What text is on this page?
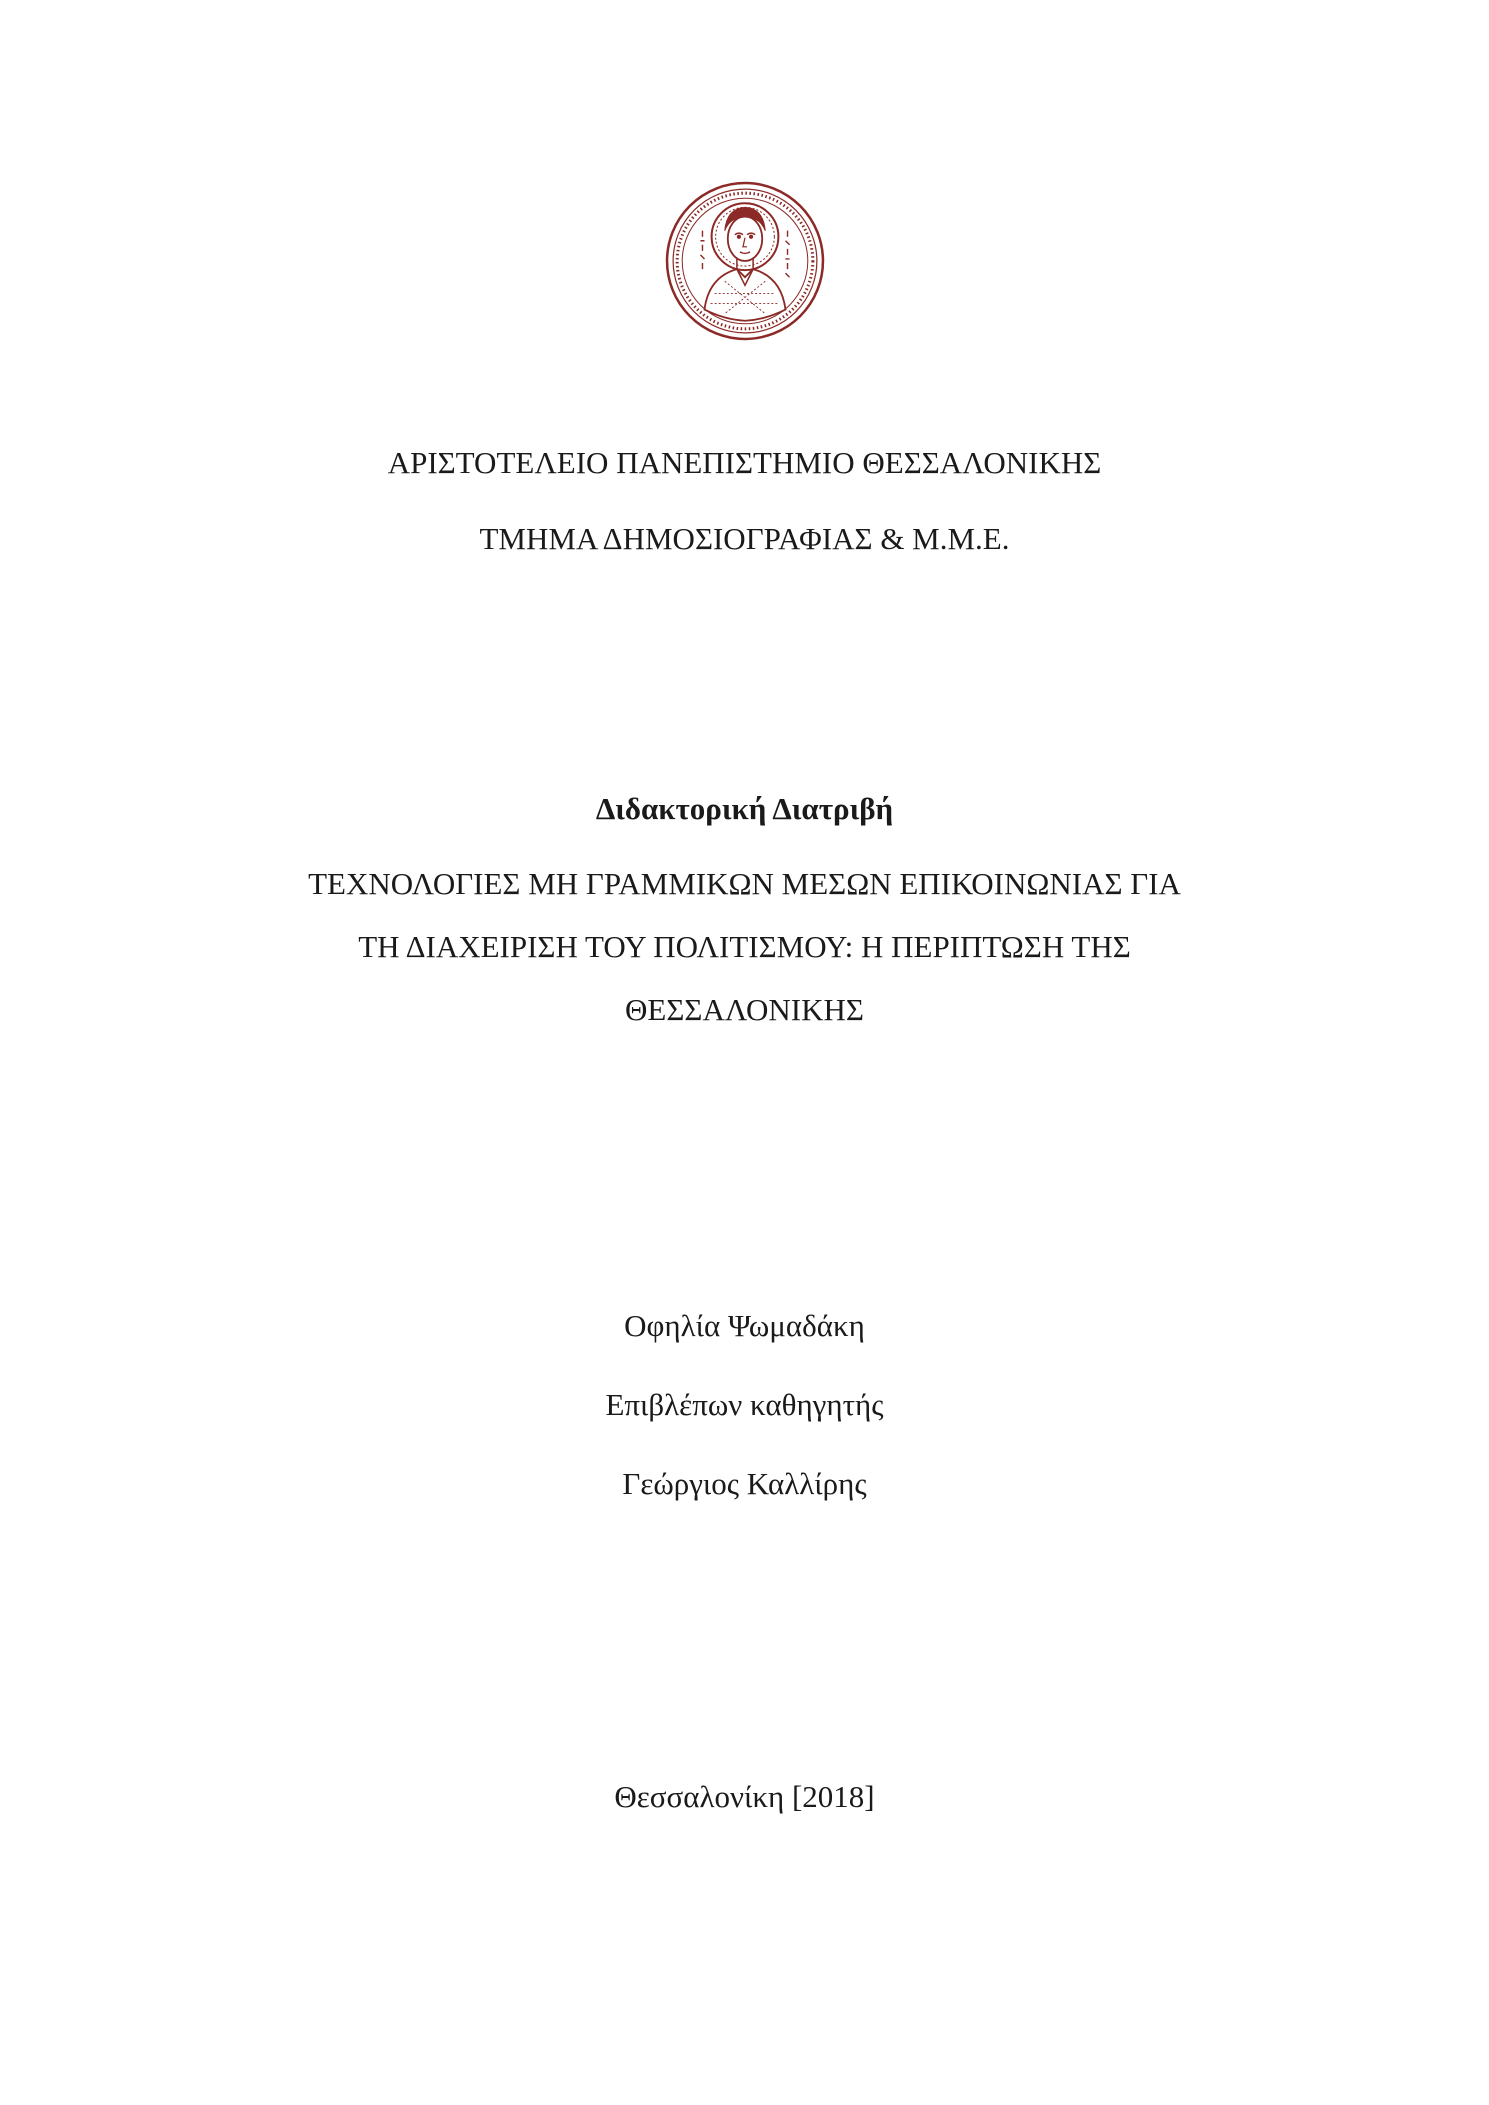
ΑΡΙΣΤΟΤΕΛΕΙΟ ΠΑΝΕΠΙΣΤΗΜΙΟ ΘΕΣΣΑΛΟΝΙΚΗΣ
ΤΜΗΜΑ ΔΗΜΟΣΙΟΓΡΑΦΙΑΣ & Μ.Μ.Ε.
Διδακτορική Διατριβή
ΤΕΧΝΟΛΟΓΙΕΣ ΜΗ ΓΡΑΜΜΙΚΩΝ ΜΕΣΩΝ ΕΠΙΚΟΙΝΩΝΙΑΣ ΓΙΑ
ΤΗ ΔΙΑΧΕΙΡΙΣΗ ΤΟΥ ΠΟΛΙΤΙΣΜΟΥ: Η ΠΕΡΙΠΤΩΣΗ ΤΗΣ
ΘΕΣΣΑΛΟΝΙΚΗΣ
Οφηλία Ψωμαδάκη
Επιβλέπων καθηγητής
Γεώργιος Καλλίρης
Θεσσαλονίκη [2018]
